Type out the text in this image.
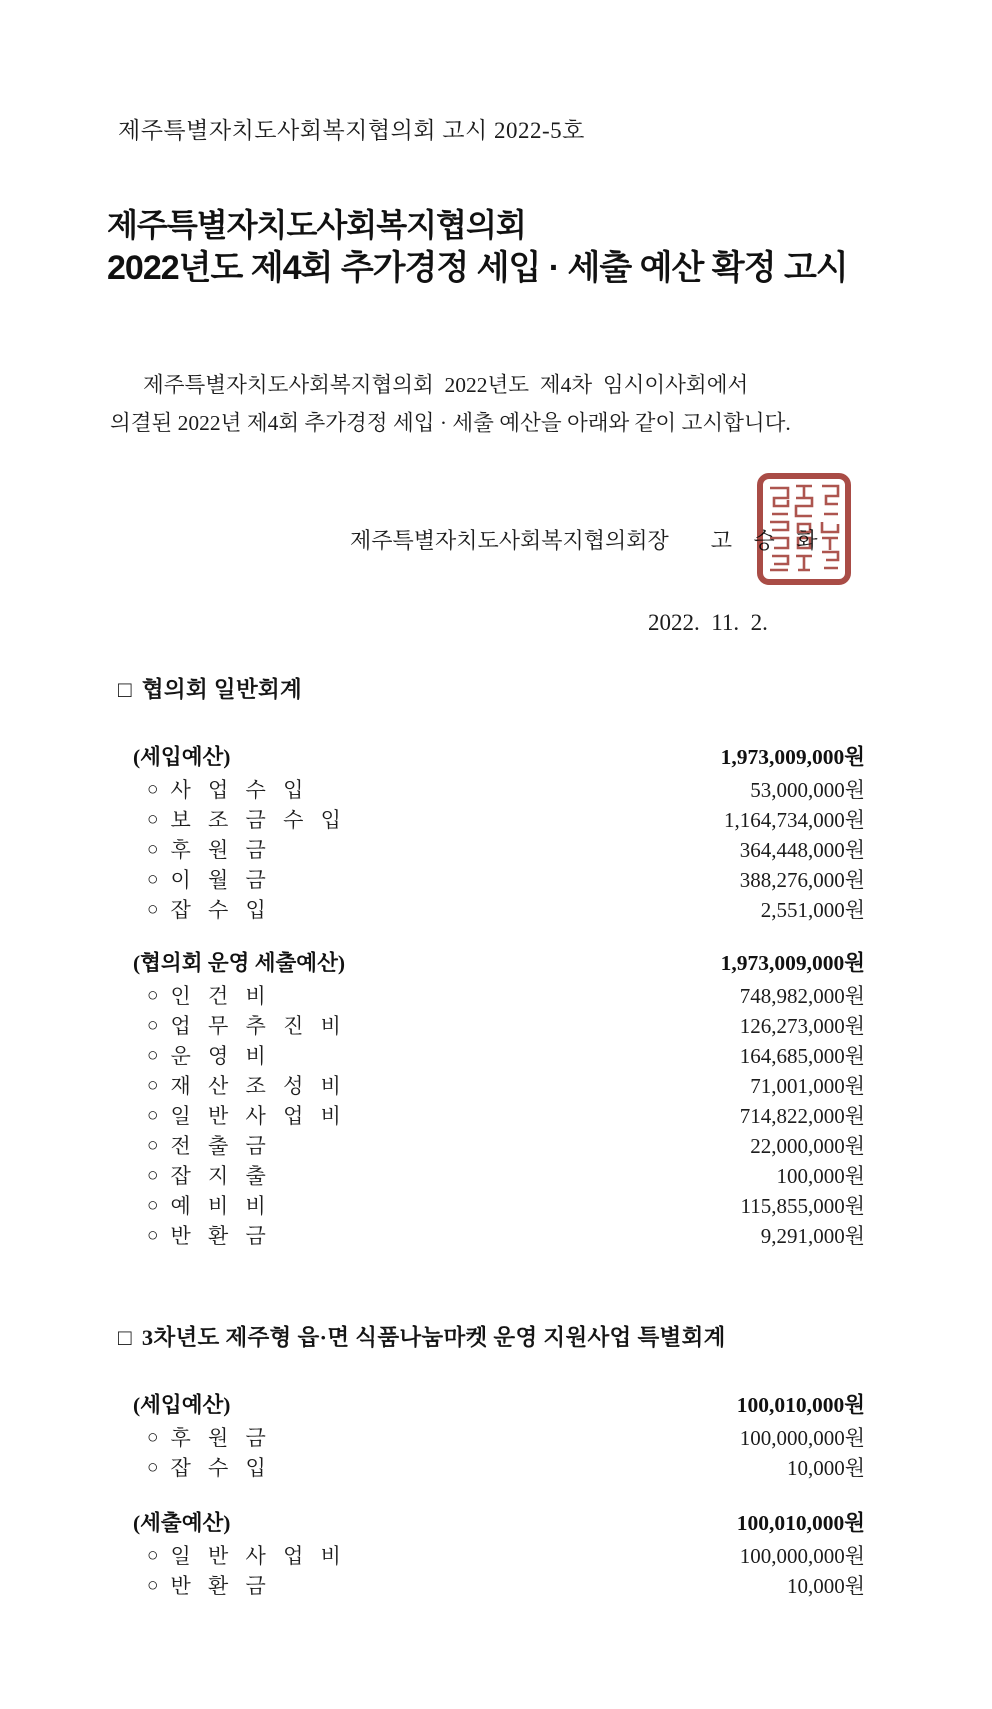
제주특별자치도사회복지협의회 고시 2022-5호
제주특별자치도사회복지협의회
2022년도 제4회 추가경정 세입 · 세출 예산 확정 고시
제주특별자치도사회복지협의회  2022년도  제4차  임시이사회에서
의결된 2022년 제4회 추가경정 세입 · 세출 예산을 아래와 같이 고시합니다.
제주특별자치도사회복지협의회장 고 승 화
2022.  11.  2.
□ 협의회 일반회계
(세입예산)	1,973,009,000원
○ 사 업 수 입	53,000,000원
○ 보 조 금 수 입	1,164,734,000원
○ 후 원 금	364,448,000원
○ 이 월 금	388,276,000원
○ 잡 수 입	2,551,000원
(협의회 운영 세출예산)	1,973,009,000원
○ 인 건 비	748,982,000원
○ 업 무 추 진 비	126,273,000원
○ 운 영 비	164,685,000원
○ 재 산 조 성 비	71,001,000원
○ 일 반 사 업 비	714,822,000원
○ 전 출 금	22,000,000원
○ 잡 지 출	100,000원
○ 예 비 비	115,855,000원
○ 반 환 금	9,291,000원
□ 3차년도 제주형 읍·면 식품나눔마켓 운영 지원사업 특별회계
(세입예산)	100,010,000원
○ 후 원 금	100,000,000원
○ 잡 수 입	10,000원
(세출예산)	100,010,000원
○ 일 반 사 업 비	100,000,000원
○ 반 환 금	10,000원
